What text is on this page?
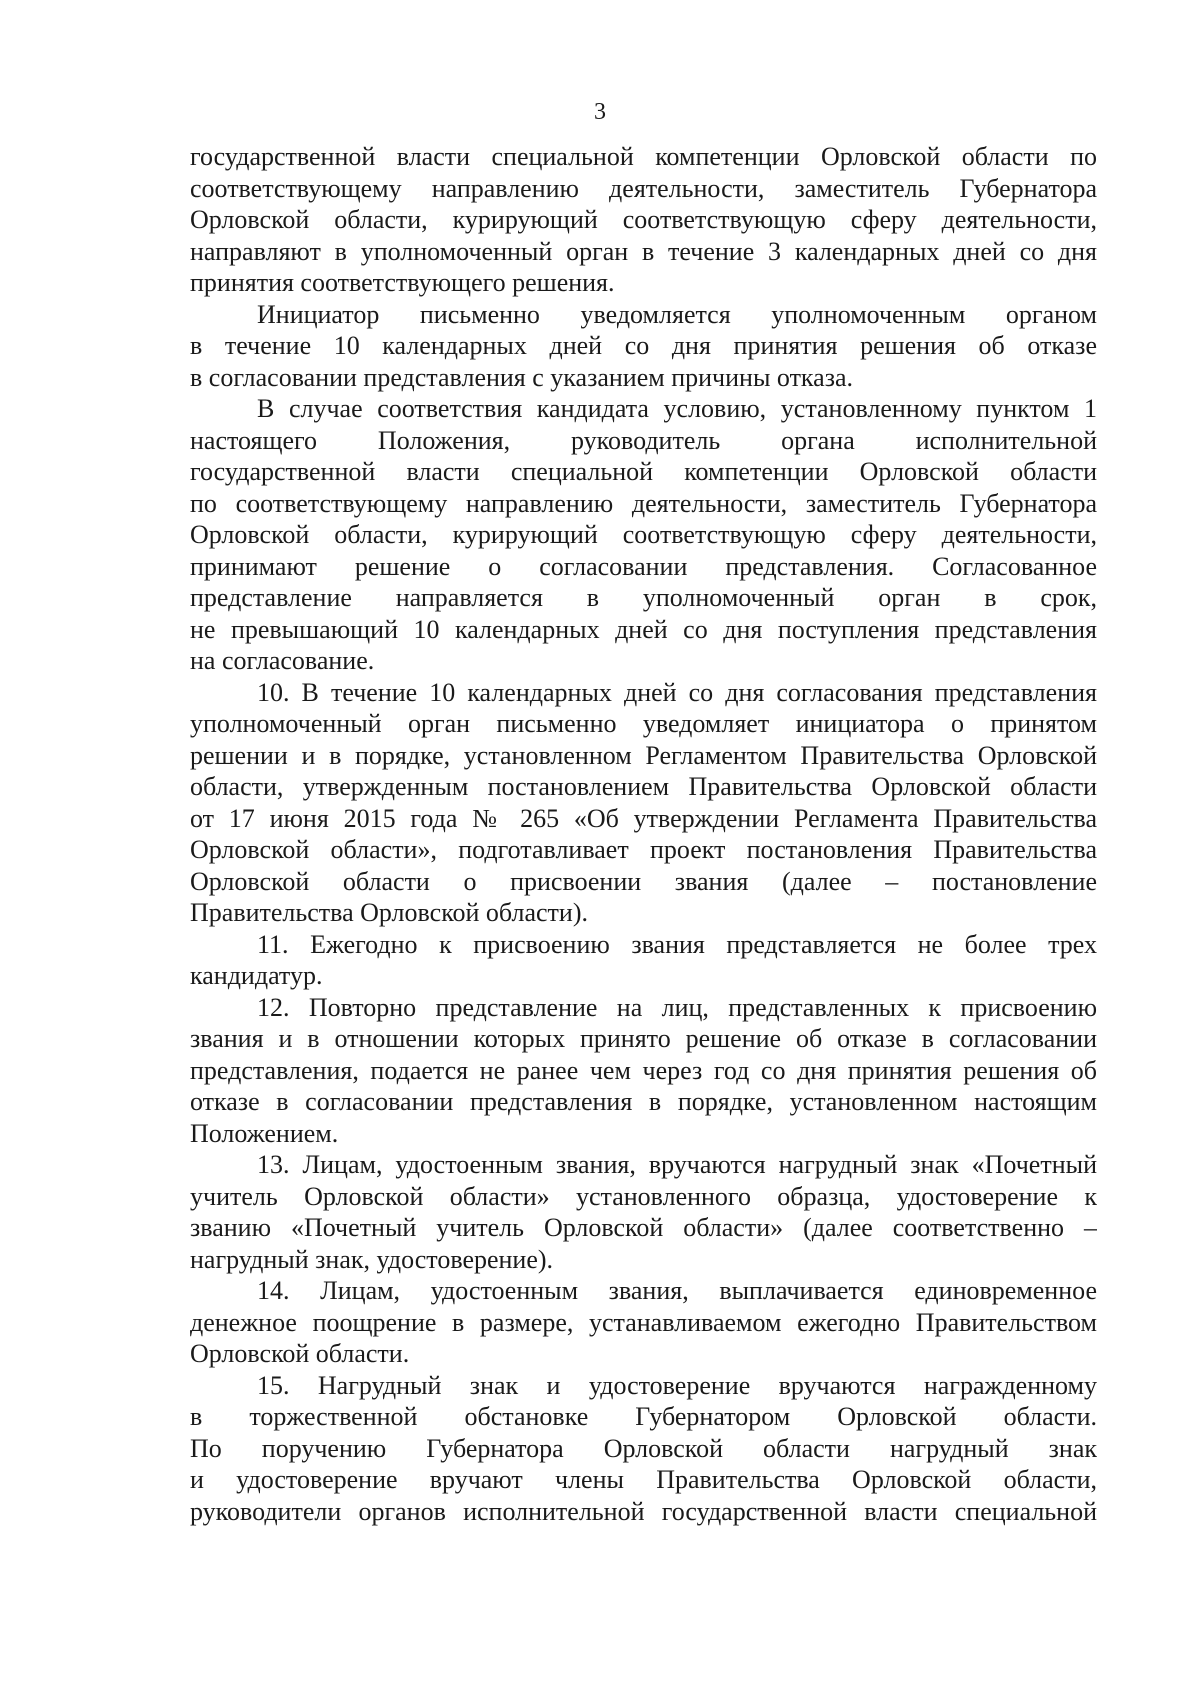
3
государственной власти специальной компетенции Орловской области по
соответствующему направлению деятельности, заместитель Губернатора
Орловской области, курирующий соответствующую сферу деятельности,
направляют в уполномоченный орган в течение 3 календарных дней со дня
принятия соответствующего решения.
Инициатор письменно уведомляется уполномоченным органом
в течение 10 календарных дней со дня принятия решения об отказе
в согласовании представления с указанием причины отказа.
В случае соответствия кандидата условию, установленному пунктом 1
настоящего Положения, руководитель органа исполнительной
государственной власти специальной компетенции Орловской области
по соответствующему направлению деятельности, заместитель Губернатора
Орловской области, курирующий соответствующую сферу деятельности,
принимают решение о согласовании представления. Согласованное
представление направляется в уполномоченный орган в срок,
не превышающий 10 календарных дней со дня поступления представления
на согласование.
10. В течение 10 календарных дней со дня согласования представления
уполномоченный орган письменно уведомляет инициатора о принятом
решении и в порядке, установленном Регламентом Правительства Орловской
области, утвержденным постановлением Правительства Орловской области
от 17 июня 2015 года № 265 «Об утверждении Регламента Правительства
Орловской области», подготавливает проект постановления Правительства
Орловской области о присвоении звания (далее – постановление
Правительства Орловской области).
11. Ежегодно к присвоению звания представляется не более трех
кандидатур.
12. Повторно представление на лиц, представленных к присвоению
звания и в отношении которых принято решение об отказе в согласовании
представления, подается не ранее чем через год со дня принятия решения об
отказе в согласовании представления в порядке, установленном настоящим
Положением.
13. Лицам, удостоенным звания, вручаются нагрудный знак «Почетный
учитель Орловской области» установленного образца, удостоверение к
званию «Почетный учитель Орловской области» (далее соответственно –
нагрудный знак, удостоверение).
14. Лицам, удостоенным звания, выплачивается единовременное
денежное поощрение в размере, устанавливаемом ежегодно Правительством
Орловской области.
15. Нагрудный знак и удостоверение вручаются награжденному
в торжественной обстановке Губернатором Орловской области.
По поручению Губернатора Орловской области нагрудный знак
и удостоверение вручают члены Правительства Орловской области,
руководители органов исполнительной государственной власти специальной
